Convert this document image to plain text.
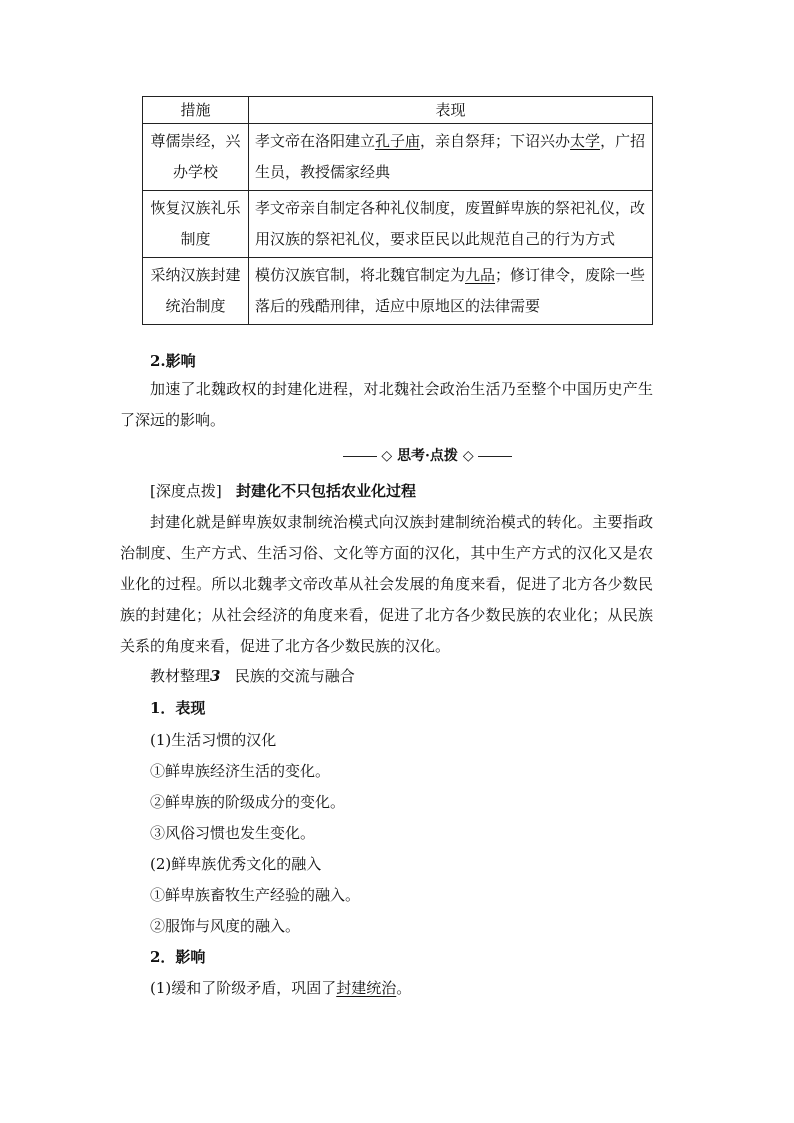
措施	表现
尊儒崇经，兴办学校	孝文帝在洛阳建立孔子庙，亲自祭拜；下诏兴办太学，广招生员，教授儒家经典
恢复汉族礼乐制度	孝文帝亲自制定各种礼仪制度，废置鲜卑族的祭祀礼仪，改用汉族的祭祀礼仪，要求臣民以此规范自己的行为方式
采纳汉族封建统治制度	模仿汉族官制，将北魏官制定为九品；修订律令，废除一些落后的残酷刑律，适应中原地区的法律需要
2.影响
加速了北魏政权的封建化进程，对北魏社会政治生活乃至整个中国历史产生了深远的影响。
◇ 思考·点拨 ◇
[深度点拨] 封建化不只包括农业化过程
封建化就是鲜卑族奴隶制统治模式向汉族封建制统治模式的转化。主要指政治制度、生产方式、生活习俗、文化等方面的汉化，其中生产方式的汉化又是农业化的过程。所以北魏孝文帝改革从社会发展的角度来看，促进了北方各少数民族的封建化；从社会经济的角度来看，促进了北方各少数民族的农业化；从民族关系的角度来看，促进了北方各少数民族的汉化。
教材整理3 民族的交流与融合
1．表现
(1)生活习惯的汉化
①鲜卑族经济生活的变化。
②鲜卑族的阶级成分的变化。
③风俗习惯也发生变化。
(2)鲜卑族优秀文化的融入
①鲜卑族畜牧生产经验的融入。
②服饰与风度的融入。
2．影响
(1)缓和了阶级矛盾，巩固了封建统治。
